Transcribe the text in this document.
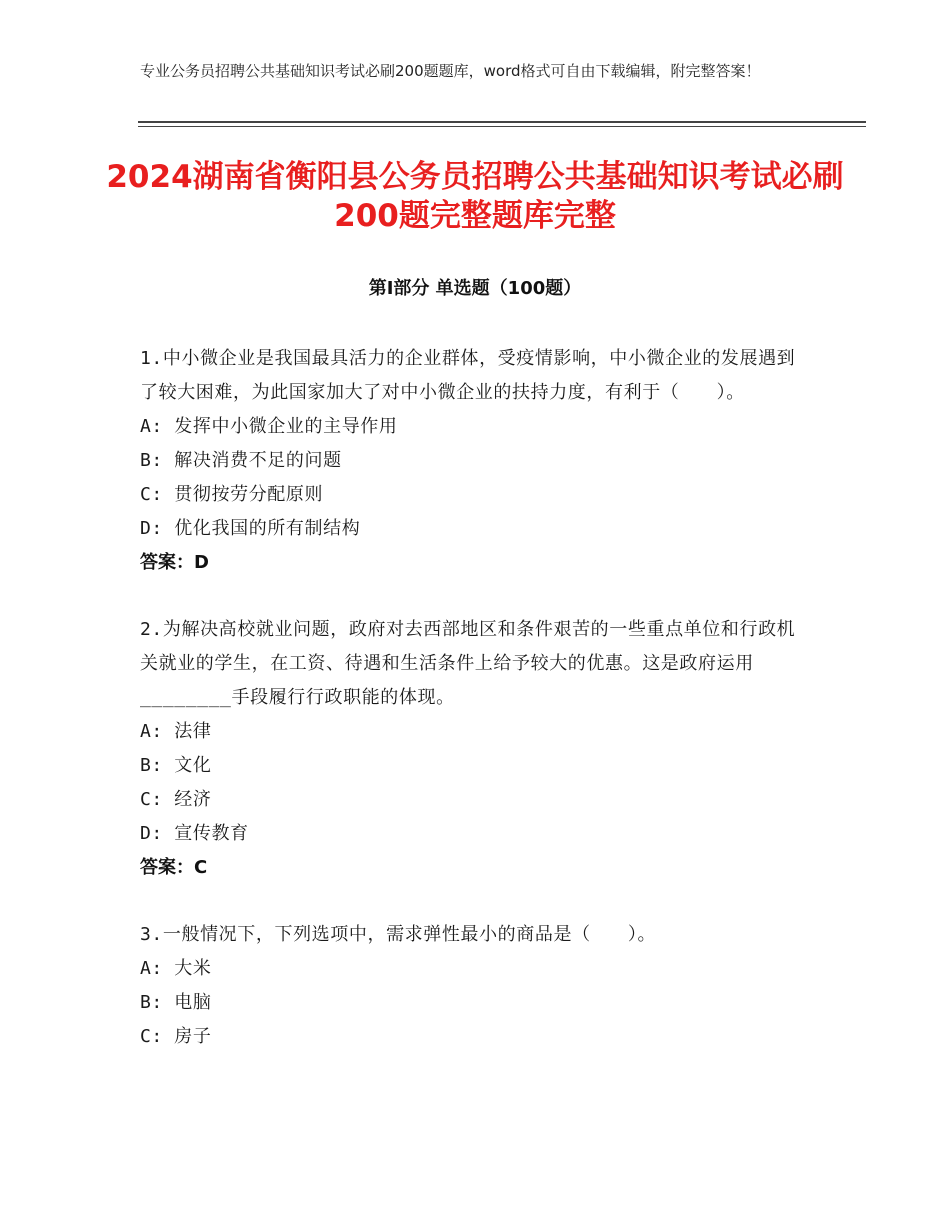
专业公务员招聘公共基础知识考试必刷200题题库，word格式可自由下载编辑，附完整答案！
2024湖南省衡阳县公务员招聘公共基础知识考试必刷200题完整题库完整
第Ⅰ部分 单选题（100题）
1.中小微企业是我国最具活力的企业群体，受疫情影响，中小微企业的发展遇到了较大困难，为此国家加大了对中小微企业的扶持力度，有利于（　　）。
A: 发挥中小微企业的主导作用
B: 解决消费不足的问题
C: 贯彻按劳分配原则
D: 优化我国的所有制结构
答案：D
2.为解决高校就业问题，政府对去西部地区和条件艰苦的一些重点单位和行政机关就业的学生，在工资、待遇和生活条件上给予较大的优惠。这是政府运用________手段履行行政职能的体现。
A: 法律
B: 文化
C: 经济
D: 宣传教育
答案：C
3.一般情况下，下列选项中，需求弹性最小的商品是（　　）。
A: 大米
B: 电脑
C: 房子
